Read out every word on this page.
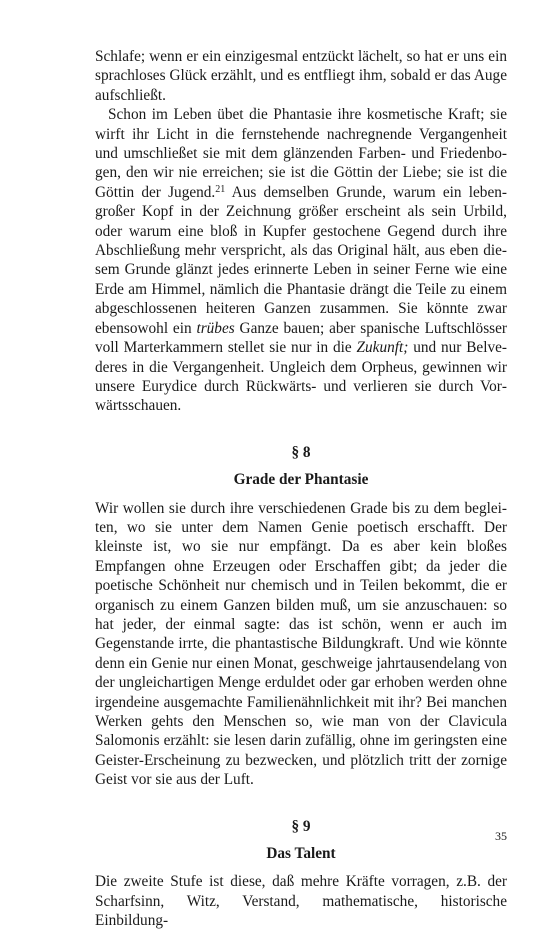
Schlafe; wenn er ein einzigesmal entzückt lächelt, so hat er uns ein sprachloses Glück erzählt, und es entfliegt ihm, sobald er das Auge aufschließt.

Schon im Leben übet die Phantasie ihre kosmetische Kraft; sie wirft ihr Licht in die fernstehende nachregnende Vergangenheit und umschließet sie mit dem glänzenden Farben- und Friedenbogen, den wir nie erreichen; sie ist die Göttin der Liebe; sie ist die Göttin der Jugend.$^{21}$ Aus demselben Grunde, warum ein lebengroßer Kopf in der Zeichnung größer erscheint als sein Urbild, oder warum eine bloß in Kupfer gestochene Gegend durch ihre Abschließung mehr verspricht, als das Original hält, aus eben diesem Grunde glänzt jedes erinnerte Leben in seiner Ferne wie eine Erde am Himmel, nämlich die Phantasie drängt die Teile zu einem abgeschlossenen heiteren Ganzen zusammen. Sie könnte zwar ebensowohl ein trübes Ganze bauen; aber spanische Luftschlösser voll Marterkammern stellet sie nur in die Zukunft; und nur Belvederes in die Vergangenheit. Ungleich dem Orpheus, gewinnen wir unsere Eurydice durch Rückwärts- und verlieren sie durch Vorwärtsschauen.

§ 8
Grade der Phantasie

Wir wollen sie durch ihre verschiedenen Grade bis zu dem begleiten, wo sie unter dem Namen Genie poetisch erschafft. Der kleinste ist, wo sie nur empfängt. Da es aber kein bloßes Empfangen ohne Erzeugen oder Erschaffen gibt; da jeder die poetische Schönheit nur chemisch und in Teilen bekommt, die er organisch zu einem Ganzen bilden muß, um sie anzuschauen: so hat jeder, der einmal sagte: das ist schön, wenn er auch im Gegenstande irrte, die phantastische Bildungkraft. Und wie könnte denn ein Genie nur einen Monat, geschweige jahrtausendelang von der ungleichartigen Menge erduldet oder gar erhoben werden ohne irgendeine ausgemachte Familienähnlichkeit mit ihr? Bei manchen Werken gehts den Menschen so, wie man von der Clavicula Salomonis erzählt: sie lesen darin zufällig, ohne im geringsten eine Geister-Erscheinung zu bezwecken, und plötzlich tritt der zornige Geist vor sie aus der Luft.

§ 9
Das Talent

Die zweite Stufe ist diese, daß mehre Kräfte vorragen, z.B. der Scharfsinn, Witz, Verstand, mathematische, historische Einbildung-

35
